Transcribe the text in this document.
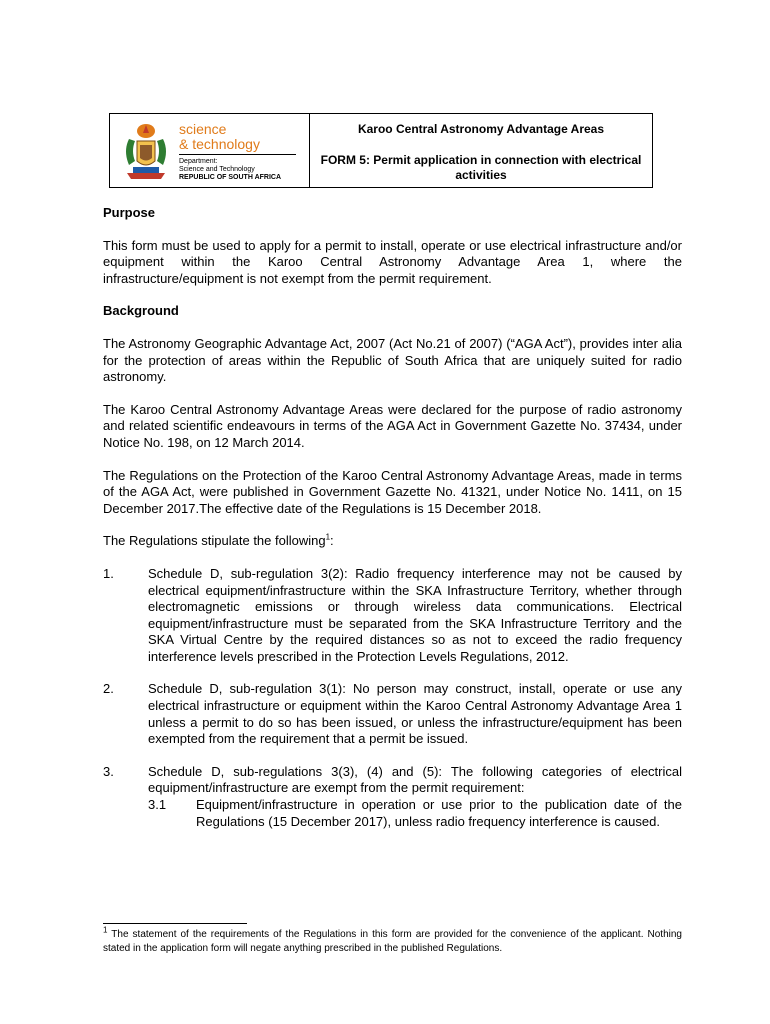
science
& technology
Department:
Science and Technology
REPUBLIC OF SOUTH AFRICA
Karoo Central Astronomy Advantage Areas
FORM 5: Permit application in connection with electrical activities

Purpose

This form must be used to apply for a permit to install, operate or use electrical infrastructure and/or equipment within the Karoo Central Astronomy Advantage Area 1, where the infrastructure/equipment is not exempt from the permit requirement.

Background

The Astronomy Geographic Advantage Act, 2007 (Act No.21 of 2007) (“AGA Act”), provides inter alia for the protection of areas within the Republic of South Africa that are uniquely suited for radio astronomy.

The Karoo Central Astronomy Advantage Areas were declared for the purpose of radio astronomy and related scientific endeavours in terms of the AGA Act in Government Gazette No. 37434, under Notice No. 198, on 12 March 2014.

The Regulations on the Protection of the Karoo Central Astronomy Advantage Areas, made in terms of the AGA Act, were published in Government Gazette No. 41321, under Notice No. 1411, on 15 December 2017.The effective date of the Regulations is 15 December 2018.

The Regulations stipulate the following$^1$:

1.	Schedule D, sub-regulation 3(2): Radio frequency interference may not be caused by electrical equipment/infrastructure within the SKA Infrastructure Territory, whether through electromagnetic emissions or through wireless data communications. Electrical equipment/infrastructure must be separated from the SKA Infrastructure Territory and the SKA Virtual Centre by the required distances so as not to exceed the radio frequency interference levels prescribed in the Protection Levels Regulations, 2012.
2.	Schedule D, sub-regulation 3(1): No person may construct, install, operate or use any electrical infrastructure or equipment within the Karoo Central Astronomy Advantage Area 1 unless a permit to do so has been issued, or unless the infrastructure/equipment has been exempted from the requirement that a permit be issued.
3.	Schedule D, sub-regulations 3(3), (4) and (5): The following categories of electrical equipment/infrastructure are exempt from the permit requirement:
3.1	Equipment/infrastructure in operation or use prior to the publication date of the Regulations (15 December 2017), unless radio frequency interference is caused.
$^1$ The statement of the requirements of the Regulations in this form are provided for the convenience of the applicant. Nothing stated in the application form will negate anything prescribed in the published Regulations.
